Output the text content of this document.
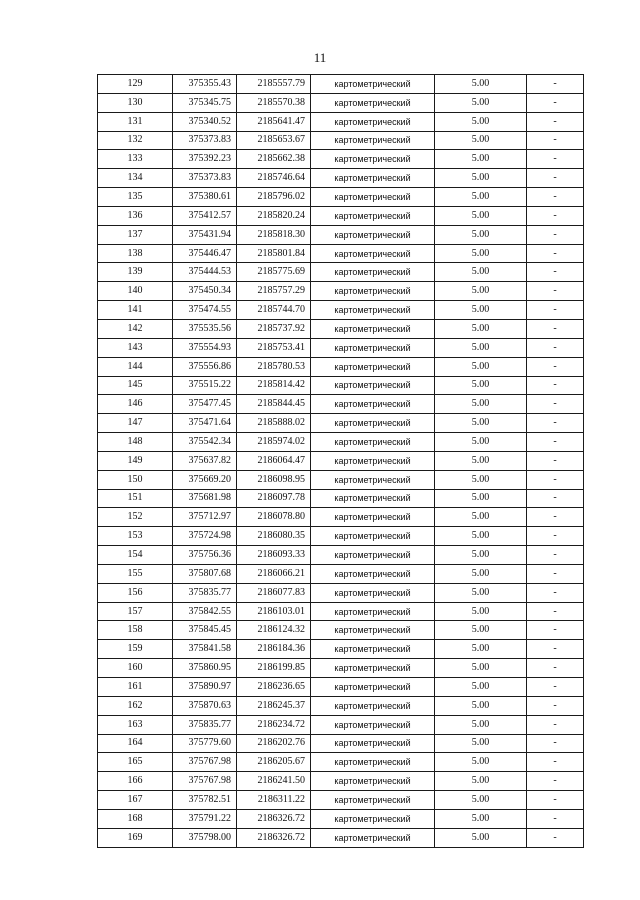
11
129	375355.43	2185557.79	картометрический	5.00	-
130	375345.75	2185570.38	картометрический	5.00	-
131	375340.52	2185641.47	картометрический	5.00	-
132	375373.83	2185653.67	картометрический	5.00	-
133	375392.23	2185662.38	картометрический	5.00	-
134	375373.83	2185746.64	картометрический	5.00	-
135	375380.61	2185796.02	картометрический	5.00	-
136	375412.57	2185820.24	картометрический	5.00	-
137	375431.94	2185818.30	картометрический	5.00	-
138	375446.47	2185801.84	картометрический	5.00	-
139	375444.53	2185775.69	картометрический	5.00	-
140	375450.34	2185757.29	картометрический	5.00	-
141	375474.55	2185744.70	картометрический	5.00	-
142	375535.56	2185737.92	картометрический	5.00	-
143	375554.93	2185753.41	картометрический	5.00	-
144	375556.86	2185780.53	картометрический	5.00	-
145	375515.22	2185814.42	картометрический	5.00	-
146	375477.45	2185844.45	картометрический	5.00	-
147	375471.64	2185888.02	картометрический	5.00	-
148	375542.34	2185974.02	картометрический	5.00	-
149	375637.82	2186064.47	картометрический	5.00	-
150	375669.20	2186098.95	картометрический	5.00	-
151	375681.98	2186097.78	картометрический	5.00	-
152	375712.97	2186078.80	картометрический	5.00	-
153	375724.98	2186080.35	картометрический	5.00	-
154	375756.36	2186093.33	картометрический	5.00	-
155	375807.68	2186066.21	картометрический	5.00	-
156	375835.77	2186077.83	картометрический	5.00	-
157	375842.55	2186103.01	картометрический	5.00	-
158	375845.45	2186124.32	картометрический	5.00	-
159	375841.58	2186184.36	картометрический	5.00	-
160	375860.95	2186199.85	картометрический	5.00	-
161	375890.97	2186236.65	картометрический	5.00	-
162	375870.63	2186245.37	картометрический	5.00	-
163	375835.77	2186234.72	картометрический	5.00	-
164	375779.60	2186202.76	картометрический	5.00	-
165	375767.98	2186205.67	картометрический	5.00	-
166	375767.98	2186241.50	картометрический	5.00	-
167	375782.51	2186311.22	картометрический	5.00	-
168	375791.22	2186326.72	картометрический	5.00	-
169	375798.00	2186326.72	картометрический	5.00	-
